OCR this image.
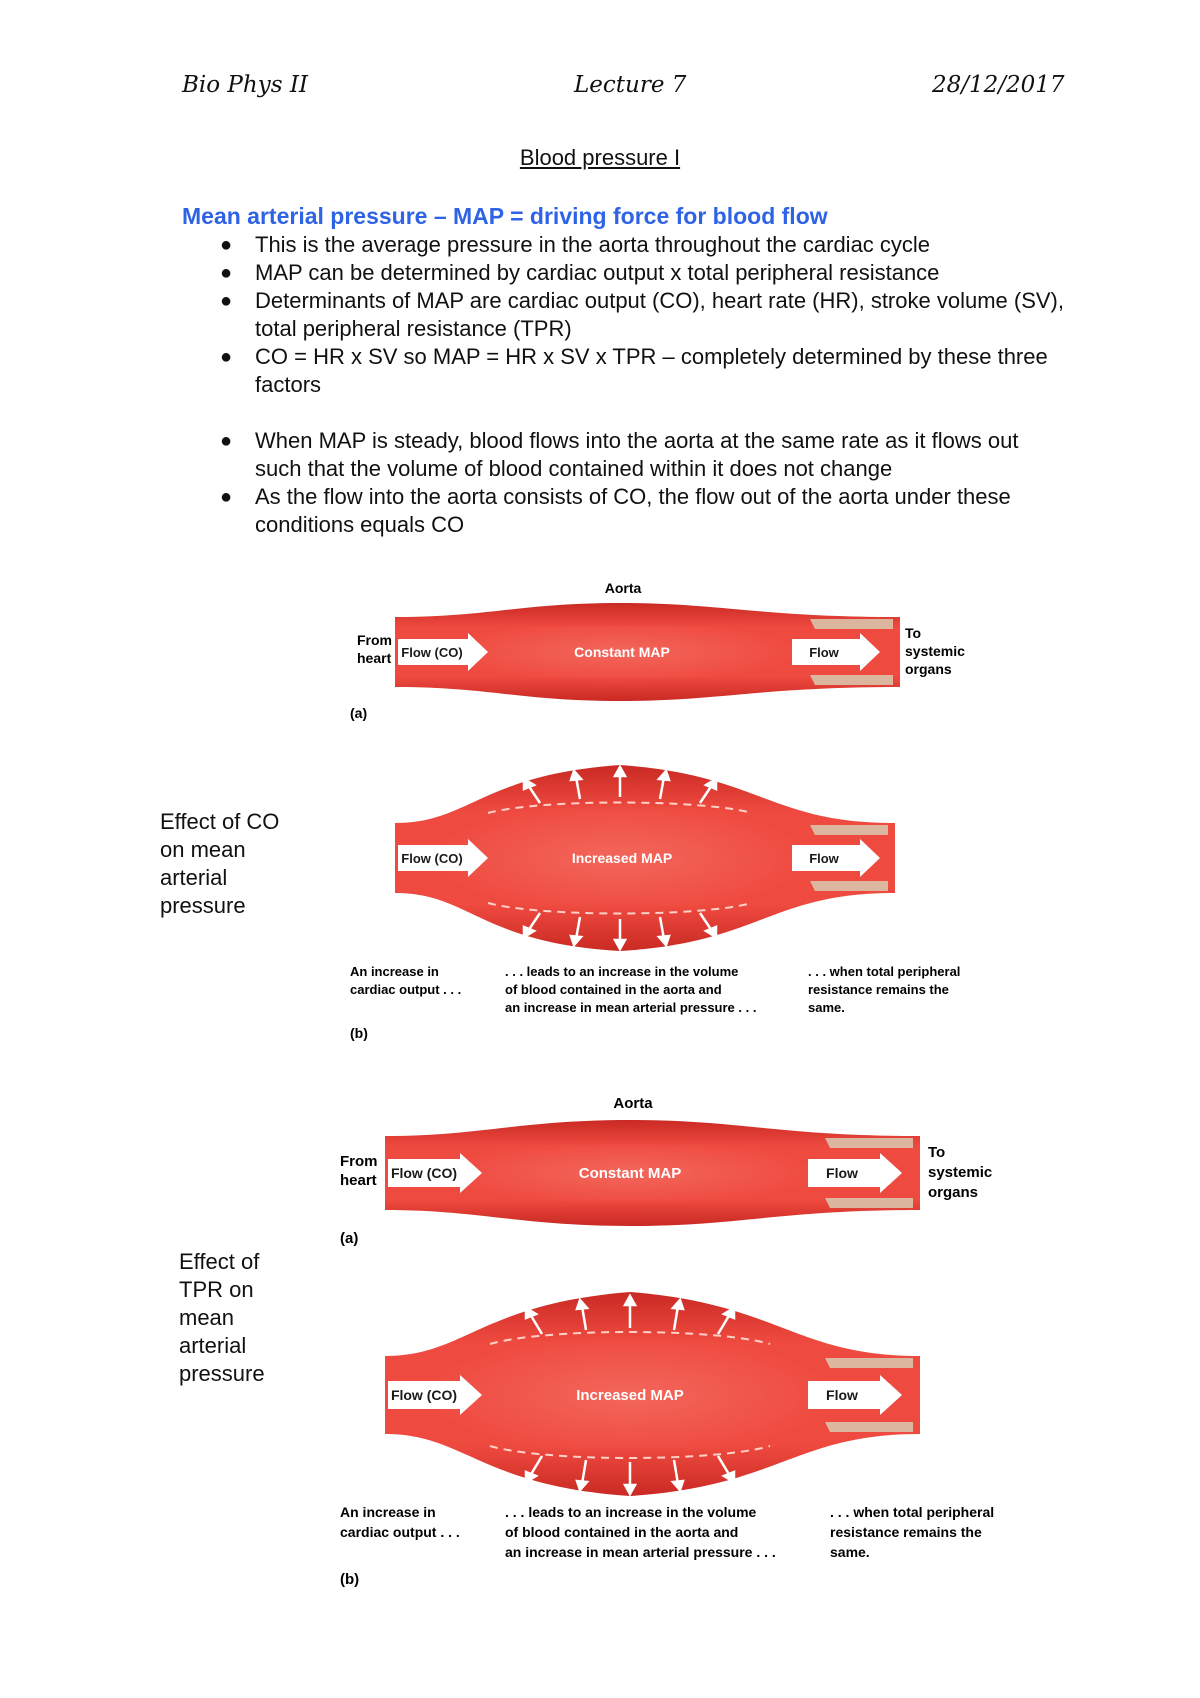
Bio Phys II	Lecture 7	28/12/2017
Blood pressure I
Mean arterial pressure – MAP = driving force for blood flow
● This is the average pressure in the aorta throughout the cardiac cycle
● MAP can be determined by cardiac output x total peripheral resistance
● Determinants of MAP are cardiac output (CO), heart rate (HR), stroke volume (SV), total peripheral resistance (TPR)
● CO = HR x SV so MAP = HR x SV x TPR – completely determined by these three factors
● When MAP is steady, blood flows into the aorta at the same rate as it flows out such that the volume of blood contained within it does not change
● As the flow into the aorta consists of CO, the flow out of the aorta under these conditions equals CO
Effect of CO
on mean
arterial
pressure
Effect of
TPR on
mean
arterial
pressure
Aorta
Flow (CO)	Constant MAP	Flow
From
heart
To
systemic
organs
(a)
Flow (CO)	Increased MAP	Flow
An increase in
cardiac output . . .
. . . leads to an increase in the volume
of blood contained in the aorta and
an increase in mean arterial pressure . . .
. . . when total peripheral
resistance remains the
same.
(b)
Aorta
Flow (CO)	Constant MAP	Flow
From
heart
To
systemic
organs
(a)
Flow (CO)	Increased MAP	Flow
An increase in
cardiac output . . .
. . . leads to an increase in the volume
of blood contained in the aorta and
an increase in mean arterial pressure . . .
. . . when total peripheral
resistance remains the
same.
(b)
